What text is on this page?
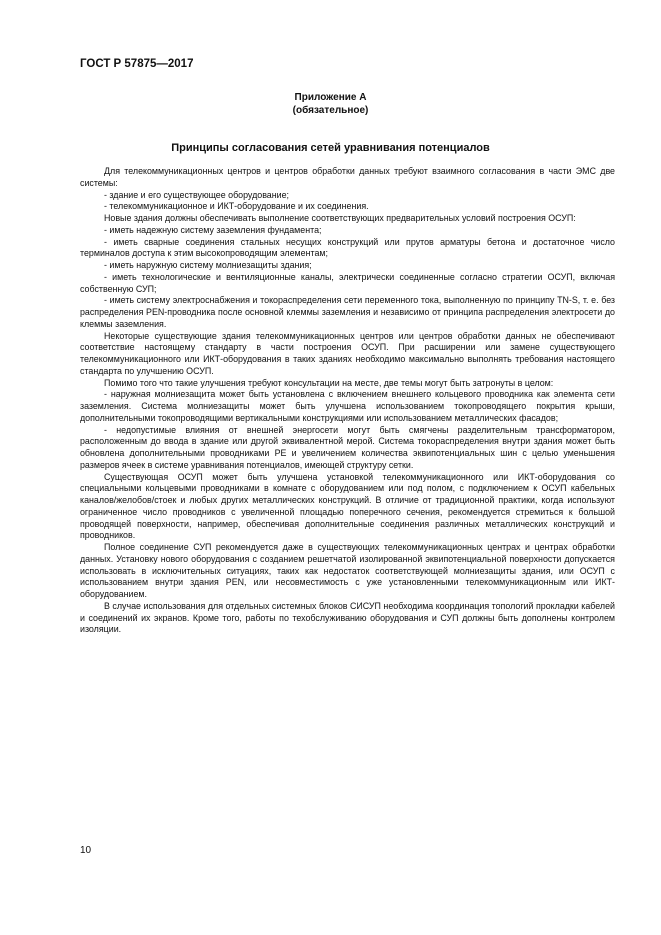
ГОСТ Р 57875—2017
Приложение А
(обязательное)
Принципы согласования сетей уравнивания потенциалов

Для телекоммуникационных центров и центров обработки данных требуют взаимного согласования в части ЭМС две системы:

- здание и его существующее оборудование;

- телекоммуникационное и ИКТ-оборудование и их соединения.

Новые здания должны обеспечивать выполнение соответствующих предварительных условий построения ОСУП:

- иметь надежную систему заземления фундамента;

- иметь сварные соединения стальных несущих конструкций или прутов арматуры бетона и достаточное число терминалов доступа к этим высокопроводящим элементам;

- иметь наружную систему молниезащиты здания;

- иметь технологические и вентиляционные каналы, электрически соединенные согласно стратегии ОСУП, включая собственную СУП;

- иметь систему электроснабжения и токораспределения сети переменного тока, выполненную по принципу TN-S, т. е. без распределения PEN-проводника после основной клеммы заземления и независимо от принципа распределения электросети до клеммы заземления.

Некоторые существующие здания телекоммуникационных центров или центров обработки данных не обеспечивают соответствие настоящему стандарту в части построения ОСУП. При расширении или замене существующего телекоммуникационного или ИКТ-оборудования в таких зданиях необходимо максимально выполнять требования настоящего стандарта по улучшению ОСУП.

Помимо того что такие улучшения требуют консультации на месте, две темы могут быть затронуты в целом:

- наружная молниезащита может быть установлена с включением внешнего кольцевого проводника как элемента сети заземления. Система молниезащиты может быть улучшена использованием токопроводящего покрытия крыши, дополнительными токопроводящими вертикальными конструкциями или использованием металлических фасадов;

- недопустимые влияния от внешней энергосети могут быть смягчены разделительным трансформатором, расположенным до ввода в здание или другой эквивалентной мерой. Система токораспределения внутри здания может быть обновлена дополнительными проводниками PE и увеличением количества эквипотенциальных шин с целью уменьшения размеров ячеек в системе уравнивания потенциалов, имеющей структуру сетки.

Существующая ОСУП может быть улучшена установкой телекоммуникационного или ИКТ-оборудования со специальными кольцевыми проводниками в комнате с оборудованием или под полом, с подключением к ОСУП кабельных каналов/желобов/стоек и любых других металлических конструкций. В отличие от традиционной практики, когда используют ограниченное число проводников с увеличенной площадью поперечного сечения, рекомендуется стремиться к большой проводящей поверхности, например, обеспечивая дополнительные соединения различных металлических конструкций и проводников.

Полное соединение СУП рекомендуется даже в существующих телекоммуникационных центрах и центрах обработки данных. Установку нового оборудования с созданием решетчатой изолированной эквипотенциальной поверхности допускается использовать в исключительных ситуациях, таких как недостаток соответствующей молниезащиты здания, или ОСУП с использованием внутри здания PEN, или несовместимость с уже установленными телекоммуникационным или ИКТ-оборудованием.

В случае использования для отдельных системных блоков СИСУП необходима координация топологий прокладки кабелей и соединений их экранов. Кроме того, работы по техобслуживанию оборудования и СУП должны быть дополнены контролем изоляции.

10
